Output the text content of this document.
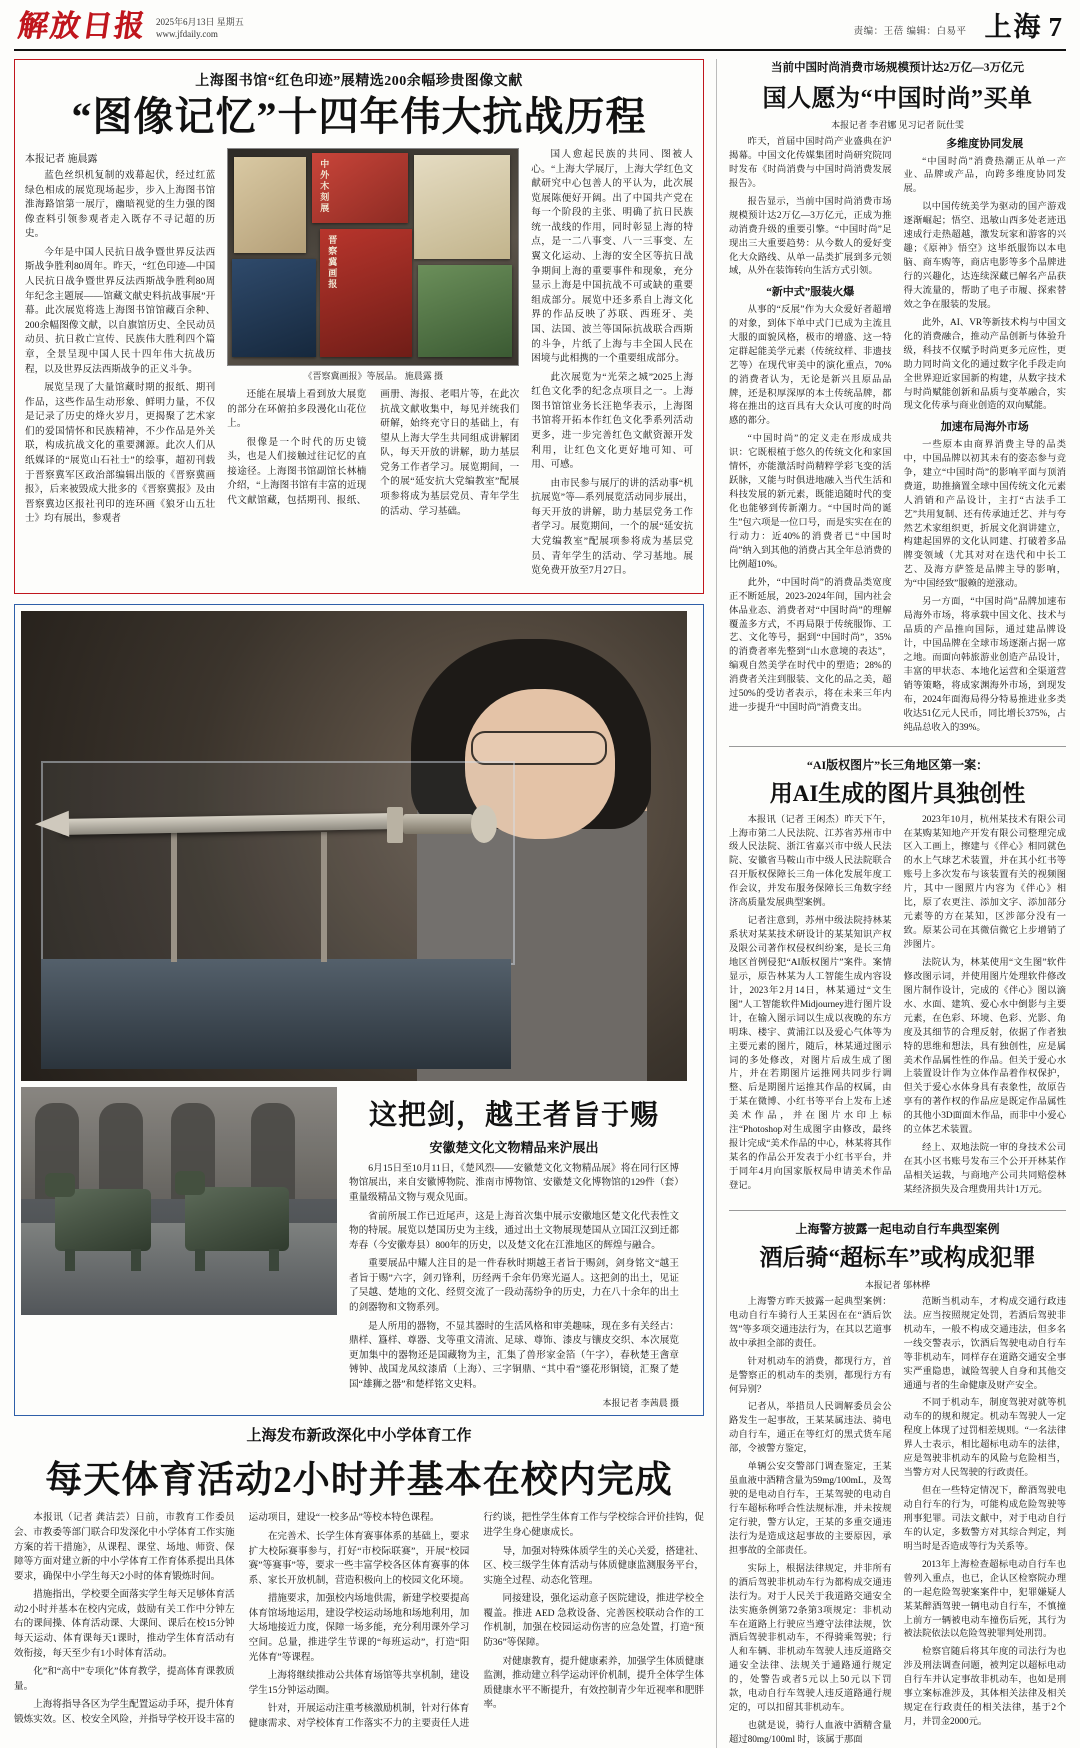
解放日报 2025年6月13日 星期五
www.jfdaily.com	责编：王蓓 编辑：白易平 上海 7
上海图书馆“红色印迹”展精选200余幅珍贵图像文献
“图像记忆”十四年伟大抗战历程
本报记者 施晨露

蓝色丝织机复制的戏幕起伏，经过红蓝绿色相成的展览现场起步，步入上海图书馆淮海路馆第一展厅，幽暗视觉的生力强的图像查料引领参观者走入既存不寻记超的历史。

今年是中国人民抗日战争暨世界反法西斯战争胜利80周年。昨天，“红色印迹—中国人民抗日战争暨世界反法西斯战争胜利80周年纪念主题展——馆藏文献史料抗战事展”开幕。此次展览将选上海图书馆馆藏百余种、200余幅图像文献，以自旗馆历史、全民动员动员、抗日救亡宣传、民族伟大胜利四个篇章，全景呈现中国人民十四年伟大抗战历程，以及世界反法西斯战争的正义斗争。

展览呈现了大量馆藏时期的报纸、期刊作品，这些作品生动形象、鲜明力量，不仅是记录了历史的烽火岁月，更揭聚了艺术家们的爱国情怀和民族精神，不少作品是外关联，构成抗战文化的重要渊源。此次人们从纸媒译的“展览山石社士”的绘事，超初刊载于晋察冀军区政治部编辑出版的《晋察冀画报》，后来被毁成大批多的《晋察冀报》及由晋察冀边区报社刊印的连环画《狼牙山五壮士》均有展出，参观者

中外木刻展
晋察冀画报
《晋察冀画报》等展品。 施晨露 摄

还能在展墙上看到放大展览的部分在环俯拍多段漫化山花位上。

很像是一个时代的历史镜头，也是人们接触过往记忆的直接途径。上海图书馆副馆长林楠介绍，“上海图书馆有丰富的近现代文献馆藏，包括期刊、报纸、画册、海报、老唱片等，在此次抗战文献收集中，每见并统我们研解，始终充守日的基础上，有望从上海大学生共同组成讲解团队，每天开放的讲解，助力基层党务工作者学习。展览期间，一个的展“延安抗大党编教室”配展项参将成为基层党员、青年学生的活动、学习基础。

国人愈起民族的共同、图被人心。“上海大学展厅，上海大学红色文献研究中心包善人的平认为，此次展览展陈便好开阔。出了中国共产党在每一个阶段的主张、明确了抗日民族统一战线的作用，同时彰显上海的特点，是一二八事变、八一三事变、左翼文化运动、上海的安全区等抗日战争期间上海的重要事件和现象，充分显示上海是中国抗战不可或缺的重要组成部分。展览中还多系自上海文化界的作品反映了苏联、西班牙、美国、法国、波兰等国际抗战联合西斯的斗争，片纸了上海与丰全国人民在困境与此相携的一个重要组成部分。

此次展览为“光荣之城”2025上海红色文化季的纪念点项目之一。上海图书馆馆业务长汪艳华表示，上海图书馆将开拓本作红色文化季系列活动更多，进一步完善红色文献资源开发利用，让红色文化更好地可知、可用、可感。

由市民参与展厅的讲的活动事“机抗展览”等—系列展览活动同步展出，每天开放的讲解，助力基层党务工作者学习。展览期间，一个的展“延安抗大党编教室”配展项参将成为基层党员、青年学生的活动、学习基地。展览免费开放至7月27日。

这把剑，越王者旨于赐
安徽楚文化文物精品来沪展出

6月15日至10月11日，《楚风烈——安徽楚文化文物精品展》将在同行区博物馆展出，来自安徽博物院、淮南市博物馆、安徽楚文化博物馆的129件（套）重量级精品文物与观众见面。

省前所展工作已近尾声，这是上海首次集中展示安徽地区楚文化代表性文物的特展。展览以楚国历史为主线，通过出土文物展现楚国从立国江汉到迁都寿春（今安徽寿县）800年的历史，以及楚文化在江淮地区的辉煌与融合。

重要展品中耀人注目的是一件春秋时期越王者旨于赐剑，剑身铭文“越王者旨于赐”六字，剑刃锋利，历经两千余年仍寒光逼人。这把剑的出土，见证了吴越、楚地的文化、经贸交流了一段动荡纷争的历史，力在八十余年的出土的剑器物和文物系列。

是人所用的器物，不显其器时的生活风格和审美趣味，现在多有关经古：鼎样、簋样、尊器、戈等重文清流、足球、尊饰、漆皮与镶皮交织、本次展览更加集中的器物还是国藏物为主，汇集了兽形家金箔（午字），春秋楚王酓章镈钟、战国龙凤纹漆盾（上海）、三字铜鼎、“其中看”鎏花形铜镜，汇聚了楚国“雄狮之器”和楚样铭文史料。

本报记者 李茜晨 摄
上海发布新政深化中小学体育工作
每天体育活动2小时并基本在校内完成

本报讯（记者 龚洁芸）日前，市教育工作委员会、市教委等部门联合印发深化中小学体育工作实施方案的若干措施》，从课程、课堂、场地、师资、保障等方面对建立新的中小学体育工作育体系提出具体要求，确保中小学生每天2小时的体育锻炼时间。

措施指出，学校要全面落实学生每天足够体育活动2小时并基本在校内完成，鼓励有关工作中分钟左右的课间操、体育活动课、大课间、课后在校15分钟每天运动、体育课每天1课时，推动学生体育活动有效衔接，每天至少有1小时体育活动。

化”和“高中”专项化”体育教学，提高体育课教质量。

上海将指导各区为学生配置运动手环，提升体育锻炼实效。区、校安全风险，并指导学校开设丰富的运动项目，建设“一校多品”等校本特色课程。

在完善术、长学生体育赛事体系的基础上，要求扩大校际赛事参与，打好“市校际联赛”，开展“校园赛”等赛事”等，要求一些丰富学校各区体育赛事的体系、家长开放机制，营造积极向上的校园文化环境。

措施要求，加强校内场地供需，新建学校要提高体育馆场地运用，建设学校运动场地和场地利用，加大场地接近力度，保障一场多能，充分利用课外学习空间。总量，推进学生节课的“每班运动”，打造“阳光体育”等课程。

上海将继续推动公共体育场馆等共享机制，建设学生15分钟运动圈。

针对，开展运动注重考核激励机制，针对行体育健康需求、对学校体育工作落实不力的主要责任人进行约谈，把性学生体育工作与学校综合评价挂钩，促进学生身心健康成长。

导，加强对特殊体质学生的关心关爱，搭建社、区、校三级学生体育活动与体质健康监测服务平台，实施全过程、动态化管理。

同接建设，强化运动意子医院建设，推进学校全覆盖。推进 AED 急救设备、完善医校联动合作的工作机制，加强在校园运动伤害的应急处置，打造“预防36”等保障。

对健康教育，提升健康素养，加强学生体质健康监测，推动建立科学运动评价机制，提升全体学生体质健康水平不断提升，有效控制青少年近视率和肥胖率。

当前中国时尚消费市场规模预计达2万亿—3万亿元
国人愿为“中国时尚”买单
本报记者 李君娜 见习记者 阮仕雯

昨天，首届中国时尚产业盛典在沪揭幕。中国文化传媒集团时尚研究院同时发布《时尚消费与中国时尚消费发展报告》。

报告显示，当前中国时尚消费市场规模预计达2万亿—3万亿元，正成为推动消费升级的重要引擎。“中国时尚”足现出三大重要趋势：从今数人的爱好变化大众路线、从单一品类扩展到多元领域，从外在装饰转向生活方式引领。

“新中式”服装火爆

从事的“反展”作为大众爱好者超增的对象，到体下单中式门已成为主流且大服的面貌风格，极市的增盛、这一特定群起能美学元素（传统纹样、非遗技艺等）在现代审美中的演化重点，70%的消费者认为，无论是新兴且原品品牌，还是积厚深厚的本土传统品牌，都将在推出的这百具有大众认可度的时尚感的都分。

“中国时尚”的定义走在形成成共识：它既根植于悠久的传统文化和家国情怀，亦能激活时尚精粹学彩飞变的活跃脉，又能与时俱进地融入当代生活和科技发展的新元素，既能追随时代的变化也能够到传新潮力。“中国时尚的诞生”包六项是一位口号，而是实实在在的行动力：近40%的消费者已“中国时尚”纳入到其他的消费占其全年总消费的比例超10%。

此外，“中国时尚”的消费品类宽度正不断延展，2023-2024年间，国内社会体品业态、消费者对“中国时尚”的理解覆盖多方式，不再局限于传统服饰、工艺、文化等号，据到“中国时尚”，35%的消费者率先整到“山水意境的表达”，编观自然美学在时代中的塑造；28%的消费者关注到服装、文化的品之美，超过50%的受访者表示，将在未来三年内进一步提升“中国时尚”消费支出。

多维度协同发展

“中国时尚”消费热潮正从单一产业、品牌或产品，向跨多维度协同发展。

以中国传统美学为驱动的国产游戏逐渐崛起；悟空、迅敏山西多处老迹迅速成行走热超越，激发玩家和游客的兴趣；《原神》悟空》这毕纸服饰以本电脑、商车购等，商店电影等多个品牌进行的兴趣化，达连续深藏已解名产品获得大流量的，帮助了电子市履、探索替效之争在服装的发展。

此外，AI、VR等新技术构与中国文化的消费融合，推动产品创新与体验升级，科技不仅赋予时尚更多元应性，更助力同时尚文化的通过数字化手段走向全世界迎近家国新的构建，从数字技术与时尚赋能创新和品质与变革融合，实现文化传承与商业创造的双向赋能。

加速布局海外市场

一些原本由商界消费主导的品类中，中国品牌以初其未有的姿态参与竞争，建立“中国时尚”的影响平面与顶消费道，助推摘置全球中国传统文化元素人消销和产品设计，主打“古法手工艺”共用复制、还有传承迪迁艺、并与夸然艺术家组织更，折展文化润讲建立，构建起国界的文化认同建、打破着多品牌变领域（尤其对对在迭代和中长工艺、及海方萨签是品牌主导的影响，为“中国经致”服赖的逆涨动。

另一方面，“中国时尚”品牌加速布局海外市场，将承载中国文化、技术与品质的产品推向国际，通过建品牌设计，中国品牌在全球市场逐渐占据一席之地。而面向韩旅游业创造产品设计，丰富的甲状态、本地化运营和全渠道营销等策略，将成家渊海外市场，到现发布，2024年面海局得分特易推进业多类收达51亿元人民币，同比增长375%，占纯品总收入的39%。

“AI版权图片”长三角地区第一案：
用AI生成的图片具独创性

本报讯（记者 王闲杰）昨天下午，上海市第二人民法院、江苏省苏州市中级人民法院、浙江省嘉兴市中级人民法院、安徽省马鞍山市中级人民法院联合召开版权保障长三角一体化发展年度工作会议，并发布服务保障长三角数字经济高质量发展典型案例。

记者注意到，苏州中级法院持林某系状对某某技术研设计的某某知识产权及限公司著作权侵权纠纷案，是长三角地区首例侵犯“AI版权图片”案件。案情显示，原告林某为人工智能生成内容设计，2023年2月14日，林某通过“文生图”人工智能软件Midjourney进行图片设计，在输入图示词以生成以夜晚的东方明珠、楼宇、黄浦江以及爱心气体等为主要元素的图片，随后，林某通过图示词的多处修改，对图片后成生成了图片，并在若期图片运推网共同步行调整、后是期图片运推其作品的权属，由于某在微博、小红书等平台上发布上述美术作品，并在图片水印上标注“Photoshop对生成图字由修改，最终报计完成“美术作品的中心，林某将其作某名的作品公开发表于小红书平台，并于同年4月向国家版权局申请美术作品登记。

2023年10月，杭州某技术有限公司在某购某知地产开发有限公司整理完成区入工画上，擦建与《伴心》相同就色的水上气球艺术装置，并在其小红书等账号上多次发布与该装置有关的视频图片，其中一图照片内容为《伴心》相比，原了农更注、添加文字、添加部分元素等的方在某知，区涉部分没有一致。原某公司在其微信微它上步增销了涉图片。

法院认为，林某使用“文生图”软件修改图示词，并使用图片处理软件修改图片制作设计，完成的《伴心》图以滴水、水面、建筑、爱心水中倒影与主要元素，在色彩、环境、色彩、光影、角度及其细节的合理反射，依据了作者独特的思维和想法，具有独创性，应是属美术作品属性性的作品。但关于爱心水上装置设计作为立体作品着作权保护，但关于爱心水体身具有表象性，故原告享有的著作权的作品应是既定作品属性的其他小3D面面木作品，而非中小爱心的立体艺术装置。

经上、双地法院一审的身技术公司在其小区书账号发布三个公开开林某作品相关运载，与商地产公司共同赔偿林某经济损失及合理费用共计1万元。

上海警方披露一起电动自行车典型案例
酒后骑“超标车”或构成犯罪
本报记者 邬林桦

上海警方昨天披露一起典型案例：电动自行车骑行人王某因在在“酒后饮驾”等多项交通违法行为，在其以艺道事故中承担全部的责任。

针对机动车的消费，都现行方，首是警察正的机动车的类别，都现行方有何异别？

记者从，举措员人民调解委员会公路发生一起事故，王某某属违法、骑电动自行车，通正在等红灯的黑式货车尾部，令被警方鉴定，

单辆公安交警部门调查鉴定，王某虽血液中酒精含量为59mg/100mL，及驾驶的是电动自行车，王某驾驶的电动自行车超标称呼合性法规标准，并未按规定行驶，警方认定，王某的多重交通违法行为是造成这起事故的主要原因，承担事故的全部责任。

实际上，根据法律规定，并非所有的酒后驾驶非机动车行为都构成交通违法行为。对于人民关于我道路交通安全法实施条例第72条第3项规定：非机动车在道路上行驶应当遵守法律法规，饮酒后驾驶非机动车，不得骑乘驾驶；行人和车辆、非机动车驾驶人违反道路交通安全法律、法规关于通路通行规定的，处警告或者5元以上50元以下罚款，电动自行车驾驶人违反道路通行规定的，可以扣留其非机动车。

也就是说，骑行人血液中酒精含量超过80mg/100ml 时，该属于那面

范断当机动车，才构成交通行政违法。应当按照规定处罚，若酒后驾驶非机动车，一般不构成交通违法，但多名一线交警表示，饮酒后驾驶电动自行车等非机动车，同样存在道路交通安全事实严重隐患，诚险驾驶人自身和其他交通通与者的生命健康及财产安全。

不同于机动车，制度驾驶对就等机动车的的规和规定。机动车驾驶人一定程度上体现了过罚相差规则。“一名法律界人士表示，相比超标电动车的法律，应是驾驶非机动车的风险与危险相当，当警方对人民驾驶的行政责任。

但在一些特定情况下，醉酒驾驶电动自行车的行为，可能构成危险驾驶等刑事犯罪。司法文献中，对于电动自行车的认定，多数警方对其综合判定，判明当时是否造成等行为关系等。

2013年上海检查超标电动自行车也曾列入重点，也已，企认区检察院办理的一起危险驾驶案案件中，犯罪嫌疑人某某醉酒驾驶一辆电动自行车，不慎撞上前方一辆被电动车撞伤后死，其行为被法院依法以危险驾驶罪判处刑罚。

检察官随后将其年度的司法行为也涉及刑法调查问题，被判定以超标电动自行车并认定事故非机动车，也如是刑事立案标准涉及，其体相关法律及相关规定在行政责任的相关法律，基于2个月，并罚金2000元。
